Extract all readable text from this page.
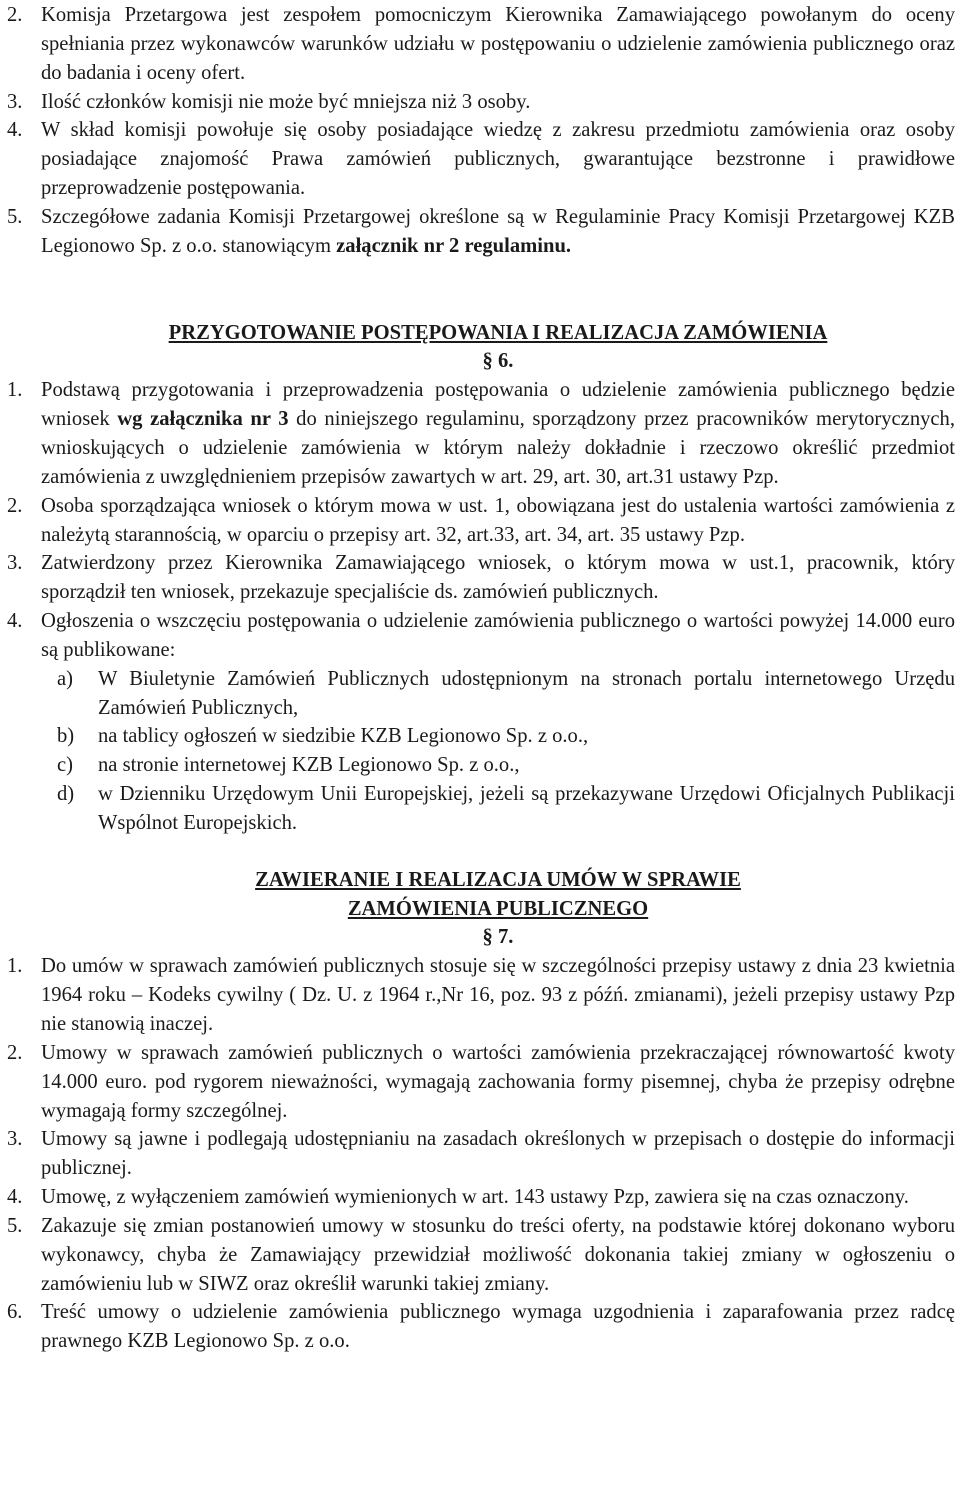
2. Komisja Przetargowa jest zespołem pomocniczym Kierownika Zamawiającego powołanym do oceny spełniania przez wykonawców warunków udziału w postępowaniu o udzielenie zamówienia publicznego oraz do badania i oceny ofert.
3. Ilość członków komisji nie może być mniejsza niż 3 osoby.
4. W skład komisji powołuje się osoby posiadające wiedzę z zakresu przedmiotu zamówienia oraz osoby posiadające znajomość Prawa zamówień publicznych, gwarantujące bezstronne i prawidłowe przeprowadzenie postępowania.
5. Szczegółowe zadania Komisji Przetargowej określone są w Regulaminie Pracy Komisji Przetargowej KZB Legionowo Sp. z o.o. stanowiącym załącznik nr 2 regulaminu.
PRZYGOTOWANIE POSTĘPOWANIA I REALIZACJA ZAMÓWIENIA
§ 6.
1. Podstawą przygotowania i przeprowadzenia postępowania o udzielenie zamówienia publicznego będzie wniosek wg załącznika nr 3 do niniejszego regulaminu, sporządzony przez pracowników merytorycznych, wnioskujących o udzielenie zamówienia w którym należy dokładnie i rzeczowo określić przedmiot zamówienia z uwzględnieniem przepisów zawartych w art. 29, art. 30, art.31 ustawy Pzp.
2. Osoba sporządzająca wniosek o którym mowa w ust. 1, obowiązana jest do ustalenia wartości zamówienia z należytą starannością, w oparciu o przepisy art. 32, art.33, art. 34, art. 35 ustawy Pzp.
3. Zatwierdzony przez Kierownika Zamawiającego wniosek, o którym mowa w ust.1, pracownik, który sporządził ten wniosek, przekazuje specjaliście ds. zamówień publicznych.
4. Ogłoszenia o wszczęciu postępowania o udzielenie zamówienia publicznego o wartości powyżej 14.000 euro są publikowane:
a) W Biuletynie Zamówień Publicznych udostępnionym na stronach portalu internetowego Urzędu Zamówień Publicznych,
b) na tablicy ogłoszeń w siedzibie KZB Legionowo Sp. z o.o.,
c) na stronie internetowej KZB Legionowo Sp. z o.o.,
d) w Dzienniku Urzędowym Unii Europejskiej, jeżeli są przekazywane Urzędowi Oficjalnych Publikacji Wspólnot Europejskich.
ZAWIERANIE I REALIZACJA UMÓW W SPRAWIE
ZAMÓWIENIA PUBLICZNEGO
§ 7.
1. Do umów w sprawach zamówień publicznych stosuje się w szczególności przepisy ustawy z dnia 23 kwietnia 1964 roku – Kodeks cywilny ( Dz. U. z 1964 r.,Nr 16, poz. 93 z późń. zmianami), jeżeli przepisy ustawy Pzp nie stanowią inaczej.
2. Umowy w sprawach zamówień publicznych o wartości zamówienia przekraczającej równowartość kwoty 14.000 euro. pod rygorem nieważności, wymagają zachowania formy pisemnej, chyba że przepisy odrębne wymagają formy szczególnej.
3. Umowy są jawne i podlegają udostępnianiu na zasadach określonych w przepisach o dostępie do informacji publicznej.
4. Umowę, z wyłączeniem zamówień wymienionych w art. 143 ustawy Pzp, zawiera się na czas oznaczony.
5. Zakazuje się zmian postanowień umowy w stosunku do treści oferty, na podstawie której dokonano wyboru wykonawcy, chyba że Zamawiający przewidział możliwość dokonania takiej zmiany w ogłoszeniu o zamówieniu lub w SIWZ oraz określił warunki takiej zmiany.
6. Treść umowy o udzielenie zamówienia publicznego wymaga uzgodnienia i zaparafowania przez radcę prawnego KZB Legionowo Sp. z o.o.
